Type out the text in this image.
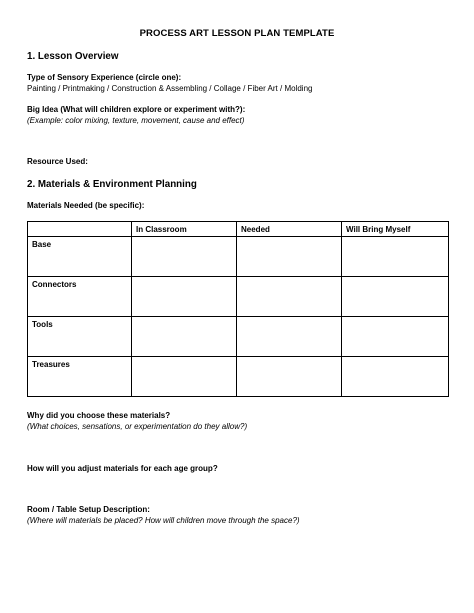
PROCESS ART LESSON PLAN TEMPLATE
1. Lesson Overview
Type of Sensory Experience (circle one):
Painting / Printmaking / Construction & Assembling / Collage / Fiber Art / Molding
Big Idea (What will children explore or experiment with?):
(Example: color mixing, texture, movement, cause and effect)
Resource Used:
2. Materials & Environment Planning
Materials Needed (be specific):
	In Classroom	Needed	Will Bring Myself
Base			
Connectors			
Tools			
Treasures			
Why did you choose these materials?
(What choices, sensations, or experimentation do they allow?)
How will you adjust materials for each age group?
Room / Table Setup Description:
(Where will materials be placed? How will children move through the space?)
